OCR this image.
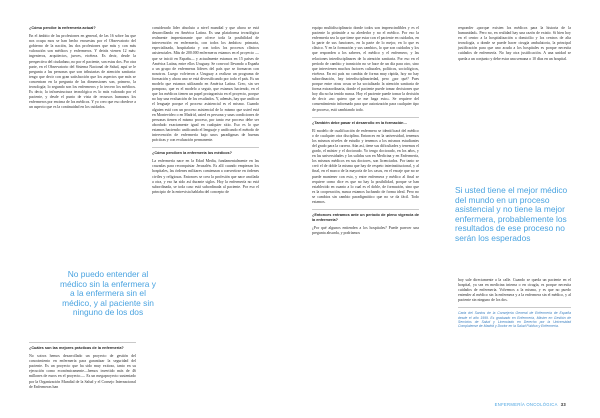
¿Cómo percibe la enfermería actual?
En el ámbito de las profesiones en general, de las 16 sobre las que nos ocupa mos se han hecho encuestas por el Observatorio del gobierno de la nación, las dos profesiones que más y con más valoración son médicos y enfermeros. Y detrás vienen 12 más: ingenieros, arquitectos, jueces, etcétera. Es decir, desde la perspectiva del ciudadano, no por el paciente, son estas dos. Por otra parte, en el Observatorio del Sistema Nacional de Salud, aquí se le pregunta a las personas que son tributarias de atención sanitaria: tengo que decir con gran satisfacción que los aspectos que más se concentran en la pregunta de las dimensiones son, primero, la tecnología; lo segundo son los enfermeros y lo tercero los médicos. Es decir, la infraestructura tecnológica es lo más valorado por el paciente, y desde el punto de vista de recursos humanos los enfermeros por encima de los médicos. Y yo creo que eso obedece a un aspecto que es la continuidad en los cuidados.
No puedo entender al médico sin la enfermera y a la enfermera sin el médico, y al paciente sin ninguno de los dos
¿Cuáles son las mejores prácticas de la enfermería?
No sotros hemos desarrollado un proyecto de gestión del conocimiento en enfermería para garantizar la seguridad del paciente. Es un proyecto que ha sido muy exitoso, tanto en su ejecución como económicamente—hemos invertido más de 46 millones de euros en el proyecto—. Es un megaproyecto sustentado por la Organización Mundial de la Salud y el Consejo Internacional de Enfermeras han
considerado lider absoluto a nivel mundial y que ahora se está desarrollando en América Latina. Es una plataforma tecnológica realmente impresionante que ofrece toda la posibilidad de intervención en enfermería, con todos los ámbitos: primaria, especializada, hospitalaria y con todos los procesos clínicos asistenciales. Más de 200.000 enfermeros estamos en el proyecto —que se inició en España— y actualmente estamos en 15 países de América Latina, entre ellos Uruguay. Se convocó llevando a España a un grupo de enfermeras líderes del país que se formaron con nosotros. Luego volvieron a Uruguay a realizar un programa de formación y ahora uno se está diversificando por todo el país. Es un modelo que estamos utilizando en América Latina. Creo, sin ser pomposo, que es el modelo a seguir, que estamos haciendo, en el que los médicos tienen un papel protagonista en el proyecto, porque no hay una evaluación de los resultados. Y, además, hay que unificar el lenguaje porque el proceso asistencial es el mismo. Cuando alguien está con un proceso asistencial de lo mismo que usted está en Montevideo o en Madrid, usted es persona y unas condiciones de personas tienen el mismo proceso, por tanto ese proceso debe ser abordado exactamente igual en cualquier sitio. Eso es lo que estamos haciendo: unificando el lenguaje y unificando el método de intervención de enfermería bajo unos paradigmas de buenas prácticas y con evaluación permanente.
¿Cómo perciben la enfermería los médicos?
La enfermería nace en la Edad Media, fundamentalmente en las cruzadas para reconquistar Jerusalén. Es allí cuando empiezan los hospitales, las órdenes militares comienzan a convertirse en órdenes civiles y religiosas. Entonces se crea la profesión que nace ancilada a otra, y eso ha sido así durante siglos. Hoy la enfermería no está subordinada, se toda caso está subordinada al paciente. Por eso el principio de la entrevista hablaba del concepto de
equipo multidisciplinario donde todos son imprescindibles y es el paciente la pirámide a su alrededor y no el médico. Por eso la enfermería sea la que tiene que estar con el paciente en cuidados, en la parte de sus funciones, en la parte de lo mejor, en lo que es clásico. Y en la formación y sus cambios, lo que son cuidados y los que responden a los saberes, el médico y el enfermero, y las relaciones interdisciplinares de la atención sanitaria. Por eso en el período de cambio y transición no se hace de un día para otro, sino que intervienen muchos factores culturales, políticos, sociológicos, etcétera. En mi país no cambia de forma muy rápida, hoy no hay subordinación, hay interdisciplinariedad, pero ¿por qué? Pues porque entre otras cosas se ha socializado la atención sanitaria de forma extraordinaria, donde el paciente puede tomar decisiones que hoy día no ha tenido nunca. Hoy el paciente puede tomar la decisión de decir «no quiero que se me haga esto». Se requiere del consentimiento informado para que autorización para cualquier tipo de proceso, está cambiando todo.
¿También debe pasar el desarrollo en la formación…
El modelo de cualificación de enfermera se identificará del médico o de cualquier otra disciplina. Entonces en la universidad, tenemos los mismos niveles de estudio y tenemos a los mismos estudiantes del grado para la carrera. Aún así, tiene sus dificultades y tenemos el grado, el máster y el doctorado. Yo tengo doctorado, en los años, y en las universidades y las salidas son en Medicina y en Enfermería, los mismos médicos en sus doctores, son licenciados. Por tanto se creó el de doble la misma que hay de respeto interinstitucional, y al final, en el marco de la mayoría de los casos, en el encaje que no se puede mantener con esto, y entre enfermera y médico al final se requiere como dice es que no hay la posibilidad, porque se han establecido en cuanto a lo cual es el doble, de formación, sino que es la cooperación, nunca estamos luchando de forma ideal. Pero no se cambios sin cambio paradigmático que no se da fácil. Todo estamos.
¿Entonces entramos ante un período de pleno vigencia de la enfermería?
¿Por qué algunos entienden a los hospitales? Puede parecer una pregunta absurda, y podríamos
responder «porque existen los médicos para la historia de la humanidad». Pero no, en realidad hay una razón de existir. Si bien hoy en el centro a la hospitalización a domicilio y los centros de alta tecnología, a donde se puede hacer cirugía ambulatoria, la principal justificación para que uno acuda a los hospitales es porque necesita cuidados de enfermería. No hay otra justificación. A una unidad se queda a un conjunto y debe estar una semana o 10 días en un hospital.
Si usted tiene el mejor médico del mundo en un proceso asistencial y no tiene la mejor enfermera, probablemente los resultados de ese proceso no serán los esperados
hoy sale directamente a la calle. Cuando se queda un paciente en el hospital, ya sea en medicina interna o en cirugía, es porque necesita cuidados de enfermería. Volvemos a la misma, y es que no puedo entender al médico sin la enfermera y a la enfermera sin el médico, y al paciente sin ninguno de los dos.
Carta del Santos de la Consejería General de Enfermería de España desde el año 1999. Es graduado en Enfermería, Máster en Gestión de Servicios de Salud y Licenciado en Derecho por la Universidad Complutense de Madrid y Doctor en la Salud Pública y Enfermería.
ENFERMERÍA ONCOLÓGICA 33
